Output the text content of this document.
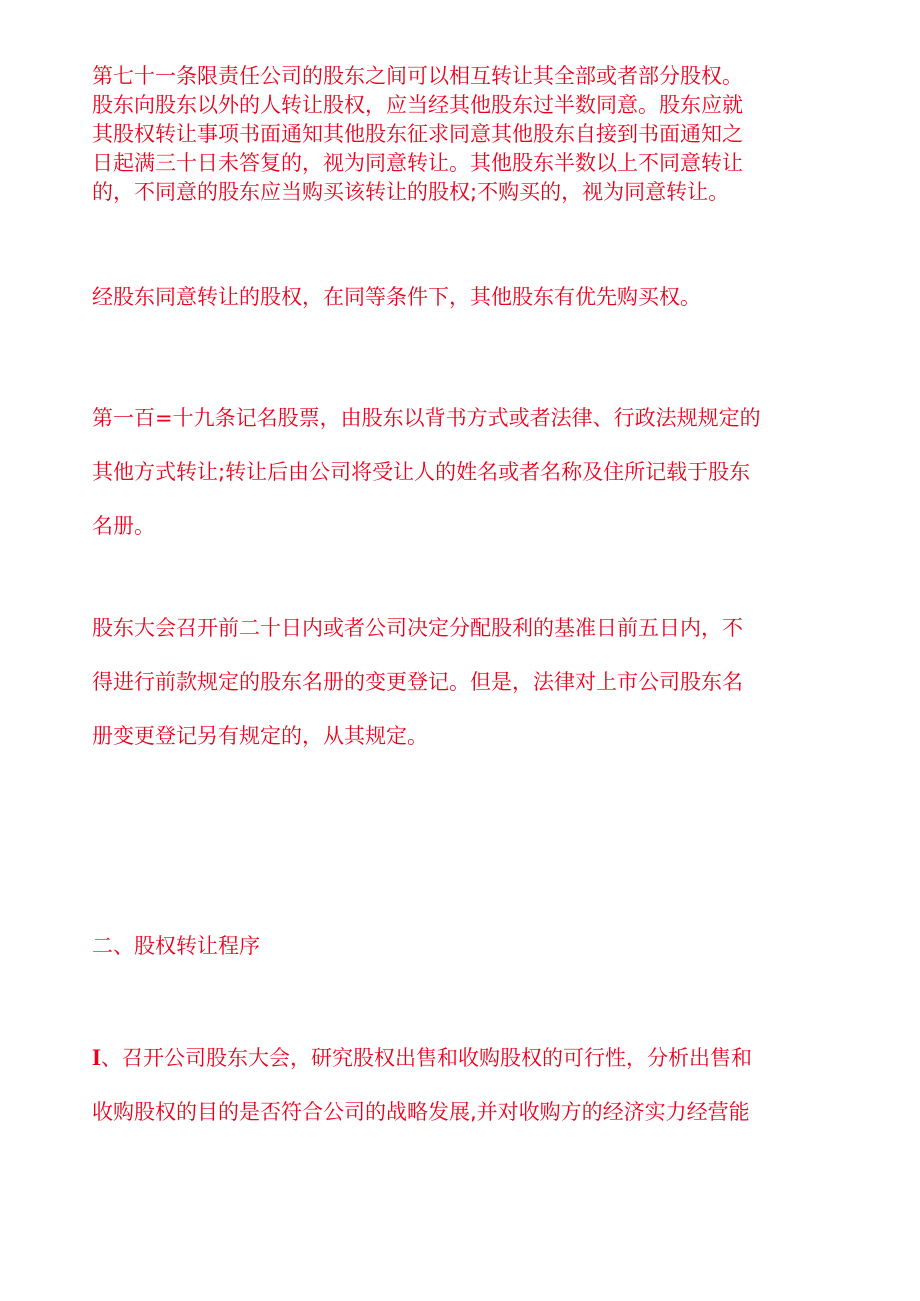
第七十一条限责任公司的股东之间可以相互转让其全部或者部分股权。
股东向股东以外的人转让股权，应当经其他股东过半数同意。股东应就
其股权转让事项书面通知其他股东征求同意其他股东自接到书面通知之
日起满三十日未答复的，视为同意转让。其他股东半数以上不同意转让
的，不同意的股东应当购买该转让的股权;不购买的，视为同意转让。

经股东同意转让的股权，在同等条件下，其他股东有优先购买权。

第一百=十九条记名股票，由股东以背书方式或者法律、行政法规规定的
其他方式转让;转让后由公司将受让人的姓名或者名称及住所记载于股东
名册。

股东大会召开前二十日内或者公司决定分配股利的基准日前五日内，不
得进行前款规定的股东名册的变更登记。但是，法律对上市公司股东名
册变更登记另有规定的，从其规定。

二、股权转让程序

I、召开公司股东大会，研究股权出售和收购股权的可行性，分析出售和
收购股权的目的是否符合公司的战略发展,并对收购方的经济实力经营能
